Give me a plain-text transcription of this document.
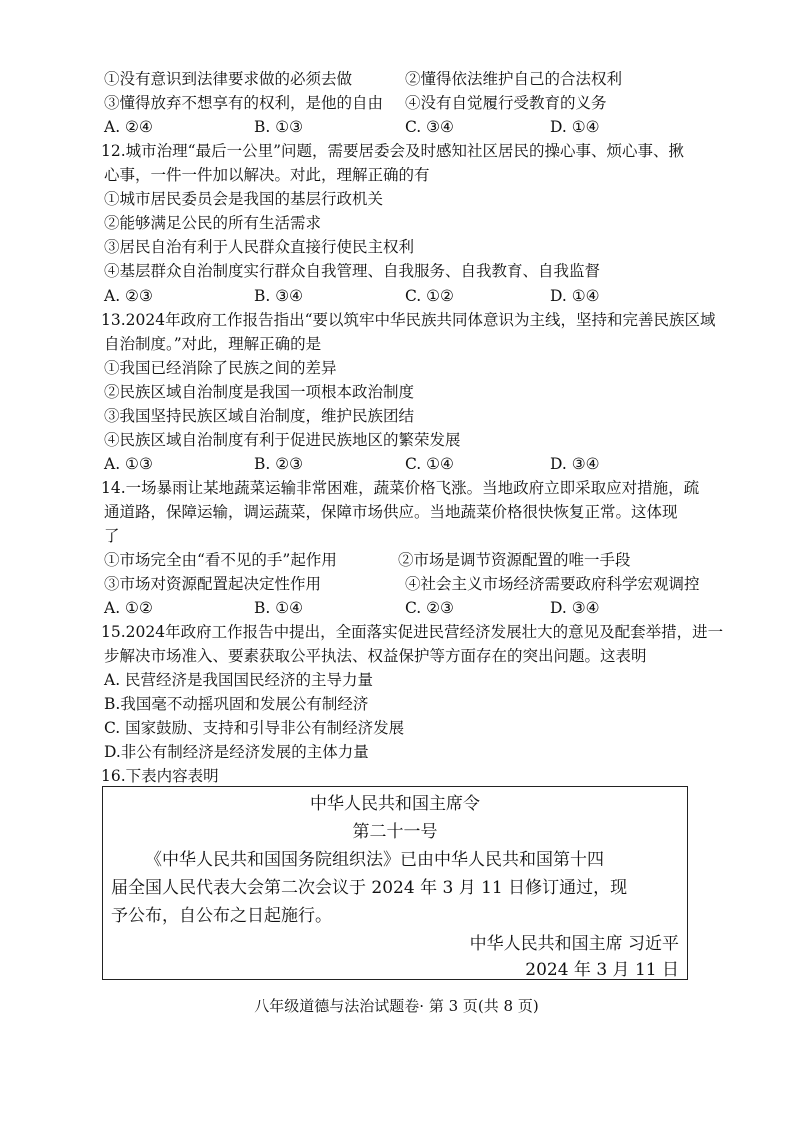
①没有意识到法律要求做的必须去做	②懂得依法维护自己的合法权利
③懂得放弃不想享有的权利，是他的自由 ④没有自觉履行受教育的义务
A. ②④	B. ①③	C. ③④	D. ①④
12.城市治理“最后一公里”问题，需要居委会及时感知社区居民的操心事、烦心事、揪
心事，一件一件加以解决。对此，理解正确的有
①城市居民委员会是我国的基层行政机关
②能够满足公民的所有生活需求
③居民自治有利于人民群众直接行使民主权利
④基层群众自治制度实行群众自我管理、自我服务、自我教育、自我监督
A. ②③	B. ③④	C. ①②	D. ①④
13.2024年政府工作报告指出“要以筑牢中华民族共同体意识为主线，坚持和完善民族区域
自治制度。”对此，理解正确的是
①我国已经消除了民族之间的差异
②民族区域自治制度是我国一项根本政治制度
③我国坚持民族区域自治制度，维护民族团结
④民族区域自治制度有利于促进民族地区的繁荣发展
A. ①③	B. ②③	C. ①④	D. ③④
14.一场暴雨让某地蔬菜运输非常困难，蔬菜价格飞涨。当地政府立即采取应对措施，疏
通道路，保障运输，调运蔬菜，保障市场供应。当地蔬菜价格很快恢复正常。这体现
了
①市场完全由“看不见的手”起作用	②市场是调节资源配置的唯一手段
③市场对资源配置起决定性作用	④社会主义市场经济需要政府科学宏观调控
A. ①②	B. ①④	C. ②③	D. ③④
15.2024年政府工作报告中提出，全面落实促进民营经济发展壮大的意见及配套举措，进一
步解决市场准入、要素获取公平执法、权益保护等方面存在的突出问题。这表明
A. 民营经济是我国国民经济的主导力量
B.我国毫不动摇巩固和发展公有制经济
C. 国家鼓励、支持和引导非公有制经济发展
D.非公有制经济是经济发展的主体力量
16.下表内容表明
中华人民共和国主席令
第二十一号
《中华人民共和国国务院组织法》已由中华人民共和国第十四
届全国人民代表大会第二次会议于 2024 年 3 月 11 日修订通过，现
予公布，自公布之日起施行。
中华人民共和国主席 习近平
2024 年 3 月 11 日
八年级道德与法治试题卷· 第 3 页(共 8 页)
